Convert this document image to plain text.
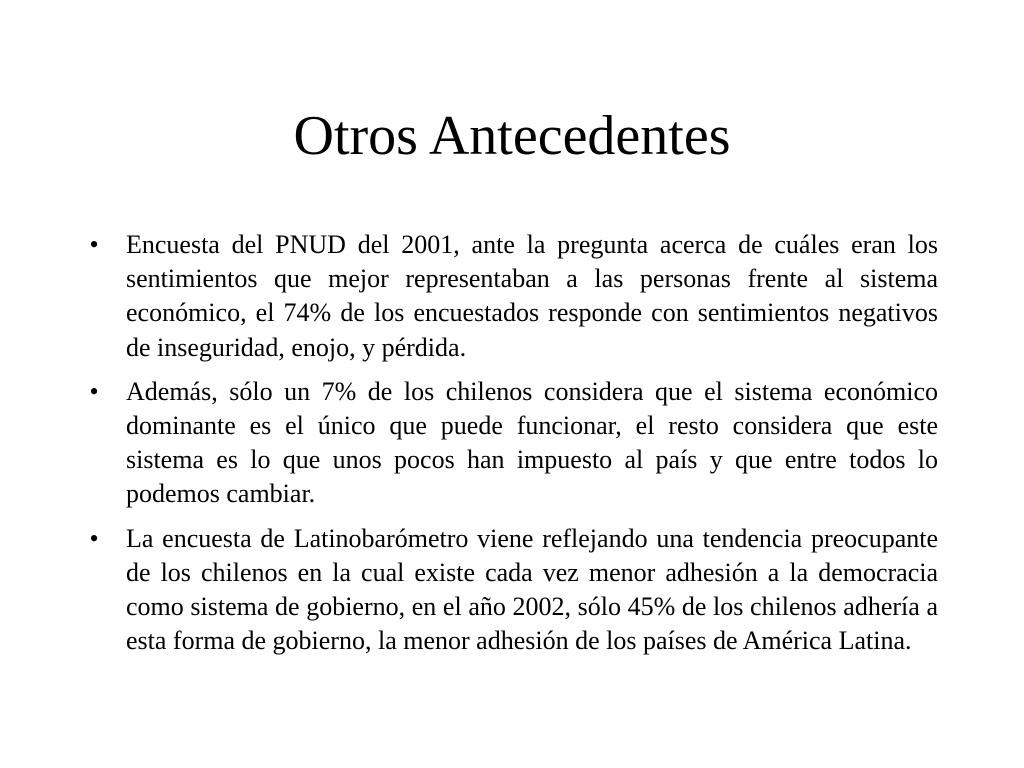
Otros Antecedentes
• Encuesta del PNUD del 2001, ante la pregunta acerca de cuáles eran los sentimientos que mejor representaban a las personas frente al sistema económico, el 74% de los encuestados responde con sentimientos negativos de inseguridad, enojo, y pérdida.
• Además, sólo un 7% de los chilenos considera que el sistema económico dominante es el único que puede funcionar, el resto considera que este sistema es lo que unos pocos han impuesto al país y que entre todos lo podemos cambiar.
• La encuesta de Latinobarómetro viene reflejando una tendencia preocupante de los chilenos en la cual existe cada vez menor adhesión a la democracia como sistema de gobierno, en el año 2002, sólo 45% de los chilenos adhería a esta forma de gobierno, la menor adhesión de los países de América Latina.
